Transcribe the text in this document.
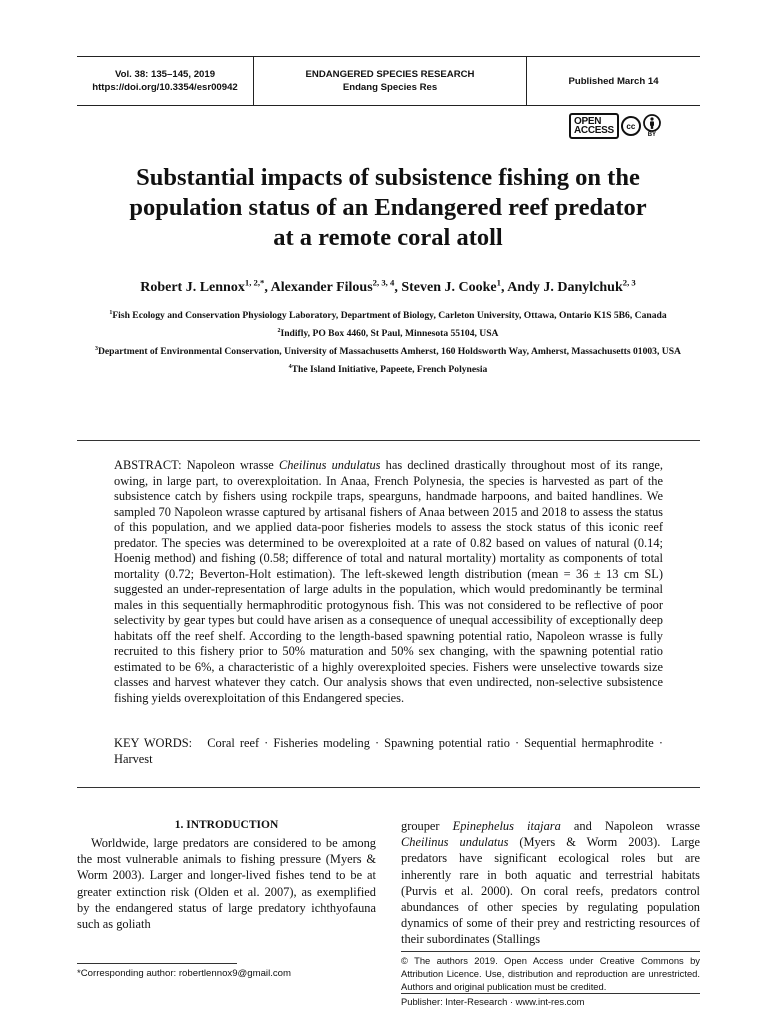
Vol. 38: 135–145, 2019
https://doi.org/10.3354/esr00942
ENDANGERED SPECIES RESEARCH
Endang Species Res
Published March 14
OPEN
ACCESS cc
BY
Substantial impacts of subsistence fishing on the
population status of an Endangered reef predator
at a remote coral atoll
Robert J. Lennox$^{1, 2,*}$, Alexander Filous$^{2, 3, 4}$, Steven J. Cooke$^1$, Andy J. Danylchuk$^{2, 3}$

$^1$Fish Ecology and Conservation Physiology Laboratory, Department of Biology, Carleton University, Ottawa, Ontario K1S 5B6, Canada

$^2$Indifly, PO Box 4460, St Paul, Minnesota 55104, USA

$^3$Department of Environmental Conservation, University of Massachusetts Amherst, 160 Holdsworth Way, Amherst, Massachusetts 01003, USA

$^4$The Island Initiative, Papeete, French Polynesia

ABSTRACT: Napoleon wrasse Cheilinus undulatus has declined drastically throughout most of its range, owing, in large part, to overexploitation. In Anaa, French Polynesia, the species is harvested as part of the subsistence catch by fishers using rockpile traps, spearguns, handmade harpoons, and baited handlines. We sampled 70 Napoleon wrasse captured by artisanal fishers of Anaa between 2015 and 2018 to assess the status of this population, and we applied data-poor fisheries models to assess the stock status of this iconic reef predator. The species was determined to be overexploited at a rate of 0.82 based on values of natural (0.14; Hoenig method) and fishing (0.58; difference of total and natural mortality) mortality as components of total mortality (0.72; Beverton-Holt estimation). The left-skewed length distribution (mean = 36 ± 13 cm SL) suggested an under-representation of large adults in the population, which would predominantly be terminal males in this sequentially hermaphroditic protogynous fish. This was not considered to be reflective of poor selectivity by gear types but could have arisen as a consequence of unequal accessibility of exceptionally deep habitats off the reef shelf. According to the length-based spawning potential ratio, Napoleon wrasse is fully recruited to this fishery prior to 50% maturation and 50% sex changing, with the spawning potential ratio estimated to be 6%, a characteristic of a highly overexploited species. Fishers were unselective towards size classes and harvest whatever they catch. Our analysis shows that even undirected, non-selective subsistence fishing yields overexploitation of this Endangered species.

KEY WORDS: Coral reef · Fisheries modeling · Spawning potential ratio · Sequential hermaphrodite · Harvest
1. INTRODUCTION

Worldwide, large predators are considered to be among the most vulnerable animals to fishing pressure (Myers & Worm 2003). Larger and longer-lived fishes tend to be at greater extinction risk (Olden et al. 2007), as exemplified by the endangered status of large predatory ichthyofauna such as goliath

grouper Epinephelus itajara and Napoleon wrasse Cheilinus undulatus (Myers & Worm 2003). Large predators have significant ecological roles but are inherently rare in both aquatic and terrestrial habitats (Purvis et al. 2000). On coral reefs, predators control abundances of other species by regulating population dynamics of some of their prey and restricting resources of their subordinates (Stallings

*Corresponding author: robertlennox9@gmail.com

© The authors 2019. Open Access under Creative Commons by Attribution Licence. Use, distribution and reproduction are unrestricted. Authors and original publication must be credited.

Publisher: Inter-Research · www.int-res.com
